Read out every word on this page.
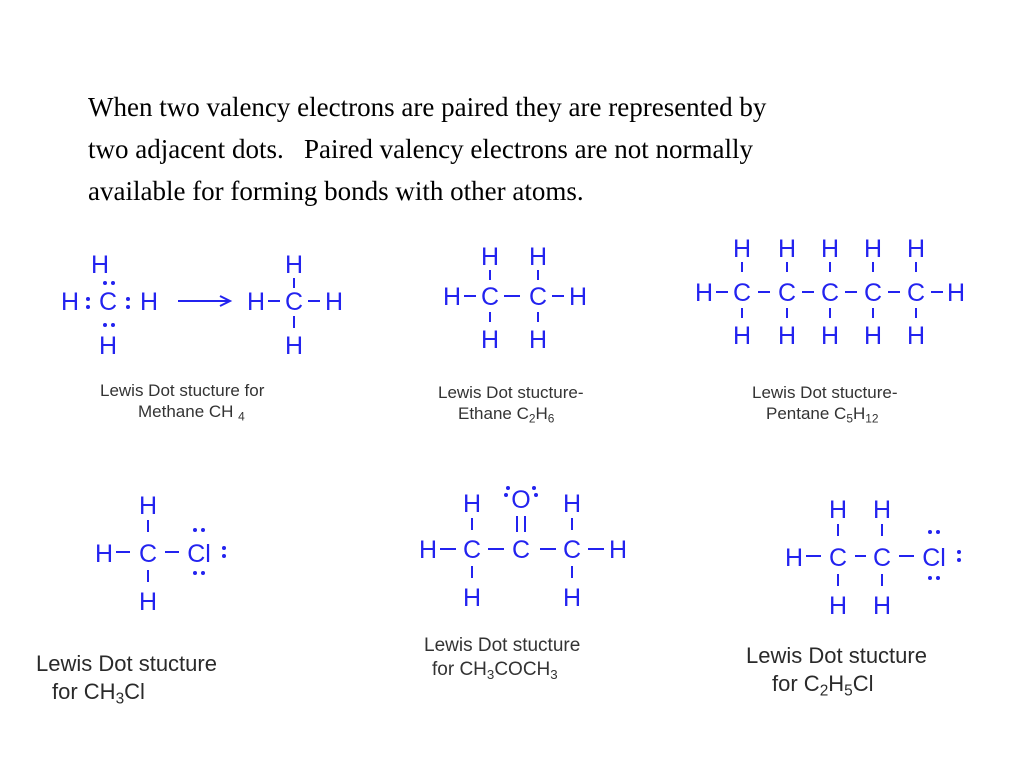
When two valency electrons are paired they are represented by

two adjacent dots.   Paired valency electrons are not normally

available for forming bonds with other atoms.

H
H C H
H
H
H C H
H
Lewis Dot stucture for
Methane CH $_4$
H H
H C C H
H H
Lewis Dot stucture-
Ethane $C_2H_6$
H H H H H
H C C C C C H
H H H H H
Lewis Dot stucture-
Pentane $C_5H_{12}$
H
H C Cl
H
Lewis Dot stucture
for $CH_3Cl$
O
H	H
H C C C H
H	H
Lewis Dot stucture
for $CH_3COCH_3$
H H
H C C Cl
H H
Lewis Dot stucture
for $C_2H_5Cl$
